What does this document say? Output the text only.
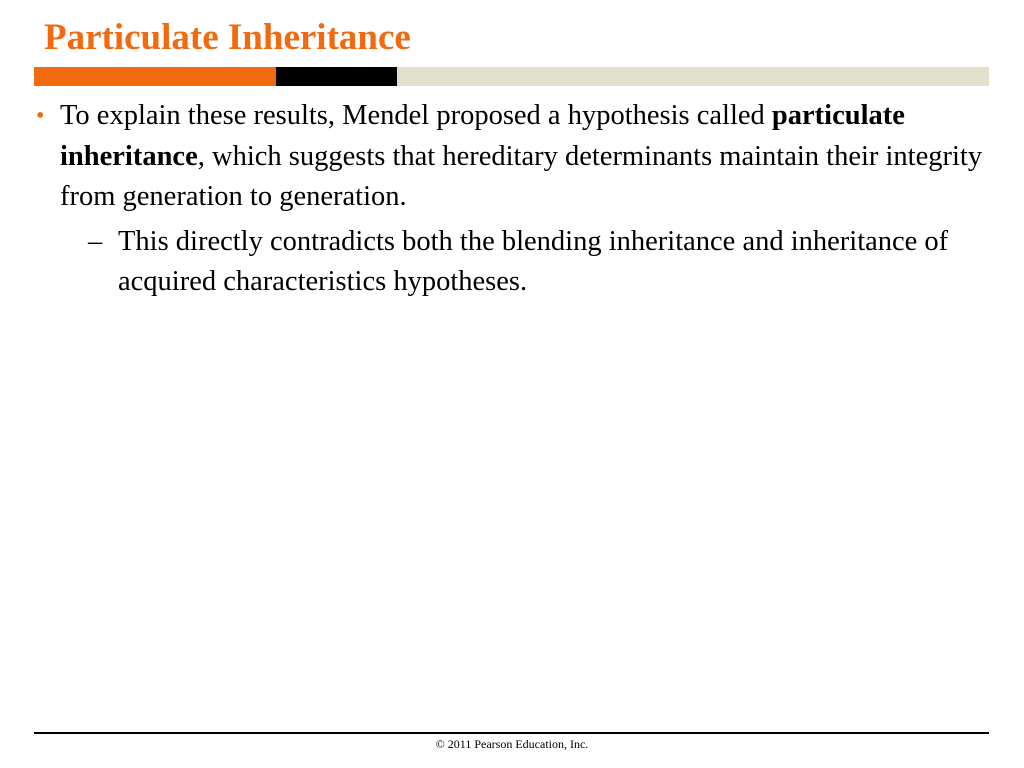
Particulate Inheritance

• To explain these results, Mendel proposed a hypothesis called particulate inheritance, which suggests that hereditary determinants maintain their integrity from generation to generation.

– This directly contradicts both the blending inheritance and inheritance of acquired characteristics hypotheses.

© 2011 Pearson Education, Inc.
